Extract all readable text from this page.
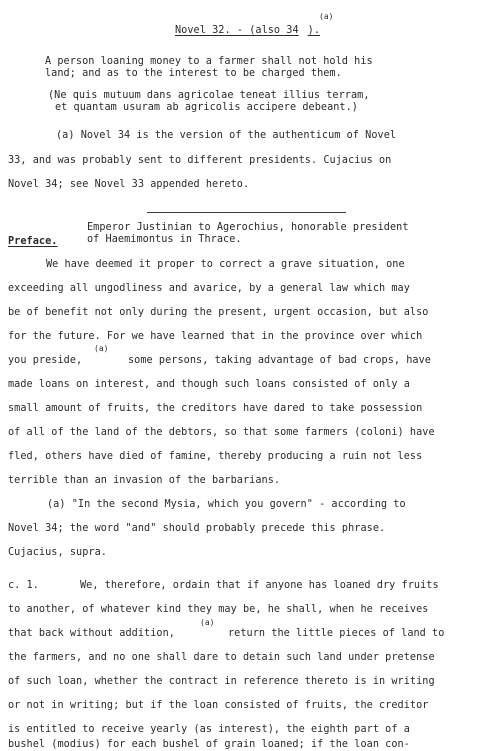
Novel 32. - (also 34 ).
(a)
A person loaning money to a farmer shall not hold his
land; and as to the interest to be charged them.
(Ne quis mutuum dans agricolae teneat illius terram,
et quantam usuram ab agricolis accipere debeant.)
(a) Novel 34 is the version of the authenticum of Novel
33, and was probably sent to different presidents. Cujacius on
Novel 34; see Novel 33 appended hereto.
Emperor Justinian to Agerochius, honorable president
of Haemimontus in Thrace.
Preface.
We have deemed it proper to correct a grave situation, one
exceeding all ungodliness and avarice, by a general law which may
be of benefit not only during the present, urgent occasion, but also
for the future. For we have learned that in the province over which
you preside,
(a)
some persons, taking advantage of bad crops, have
made loans on interest, and though such loans consisted of only a
small amount of fruits, the creditors have dared to take possession
of all of the land of the debtors, so that some farmers (coloni) have
fled, others have died of famine, thereby producing a ruin not less
terrible than an invasion of the barbarians.
(a) "In the second Mysia, which you govern" - according to
Novel 34; the word "and" should probably precede this phrase.
Cujacius, supra.
c. 1.	We, therefore, ordain that if anyone has loaned dry fruits
to another, of whatever kind they may be, he shall, when he receives
that back without addition,
(a)
return the little pieces of land to
the farmers, and no one shall dare to detain such land under pretense
of such loan, whether the contract in reference thereto is in writing
or not in writing; but if the loan consisted of fruits, the creditor
is entitled to receive yearly (as interest), the eighth part of a
bushel (modius) for each bushel of grain loaned; if the loan con-
